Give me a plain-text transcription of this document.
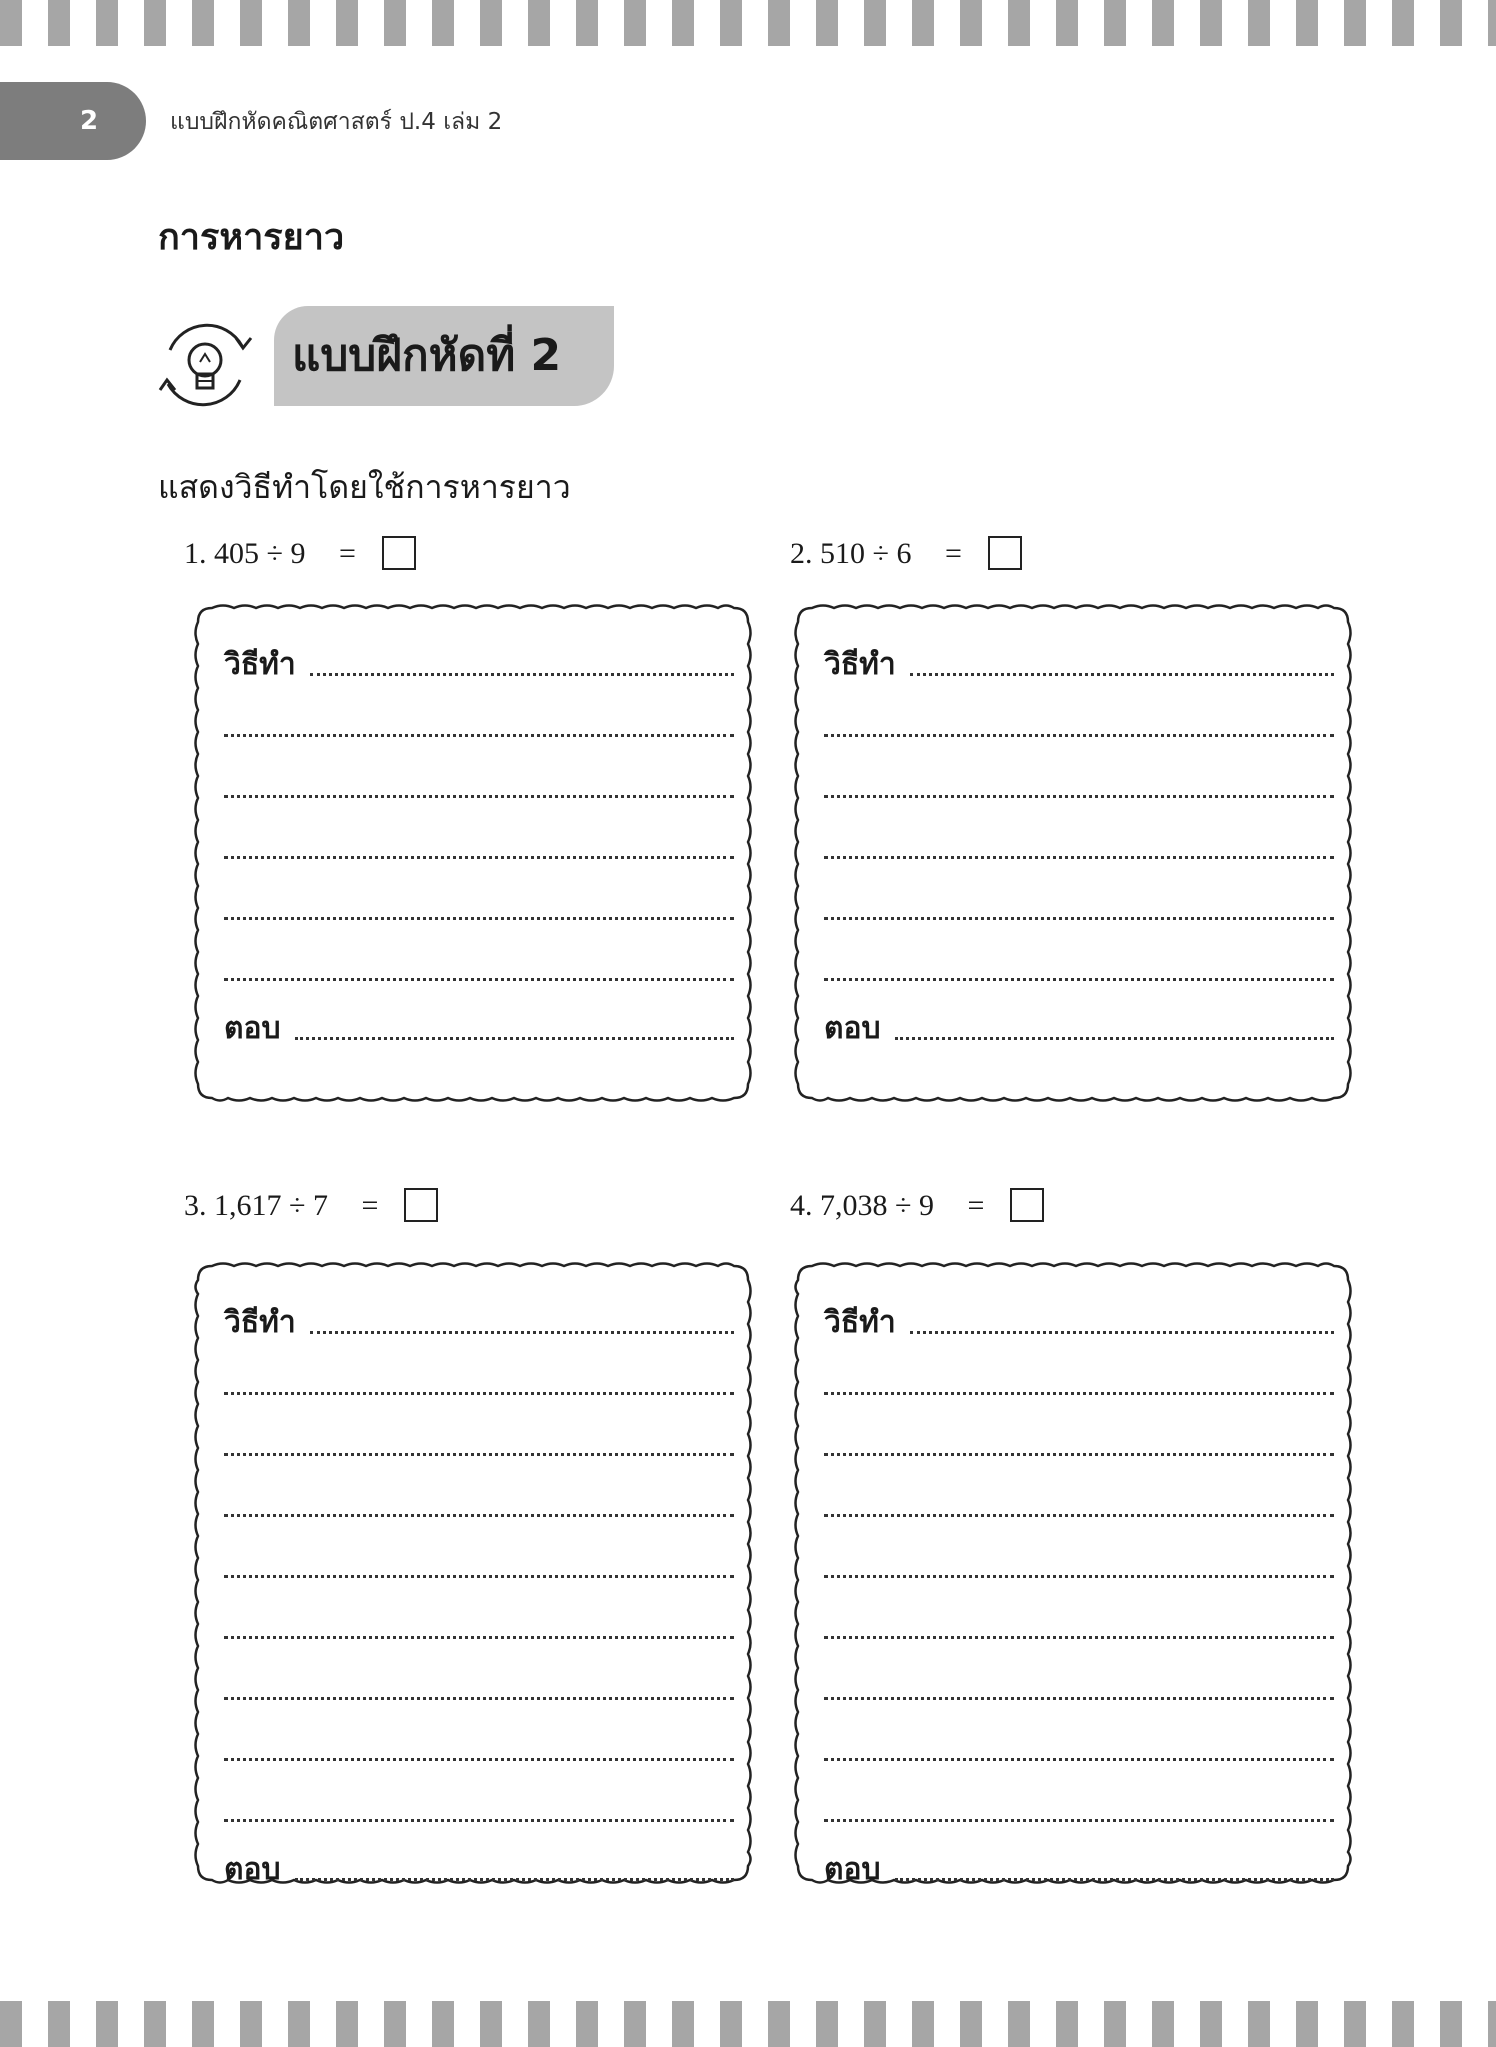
2	แบบฝึกหัดคณิตศาสตร์ ป.4 เล่ม 2
การหารยาว
แบบฝึกหัดที่ 2
แสดงวิธีทำโดยใช้การหารยาว
1. 405 ÷ 9 =	2. 510 ÷ 6 =
3. 1,617 ÷ 7 =	4. 7,038 ÷ 9 =
วิธีทำ
ตอบ
วิธีทำ
ตอบ
วิธีทำ
ตอบ
วิธีทำ
ตอบ
